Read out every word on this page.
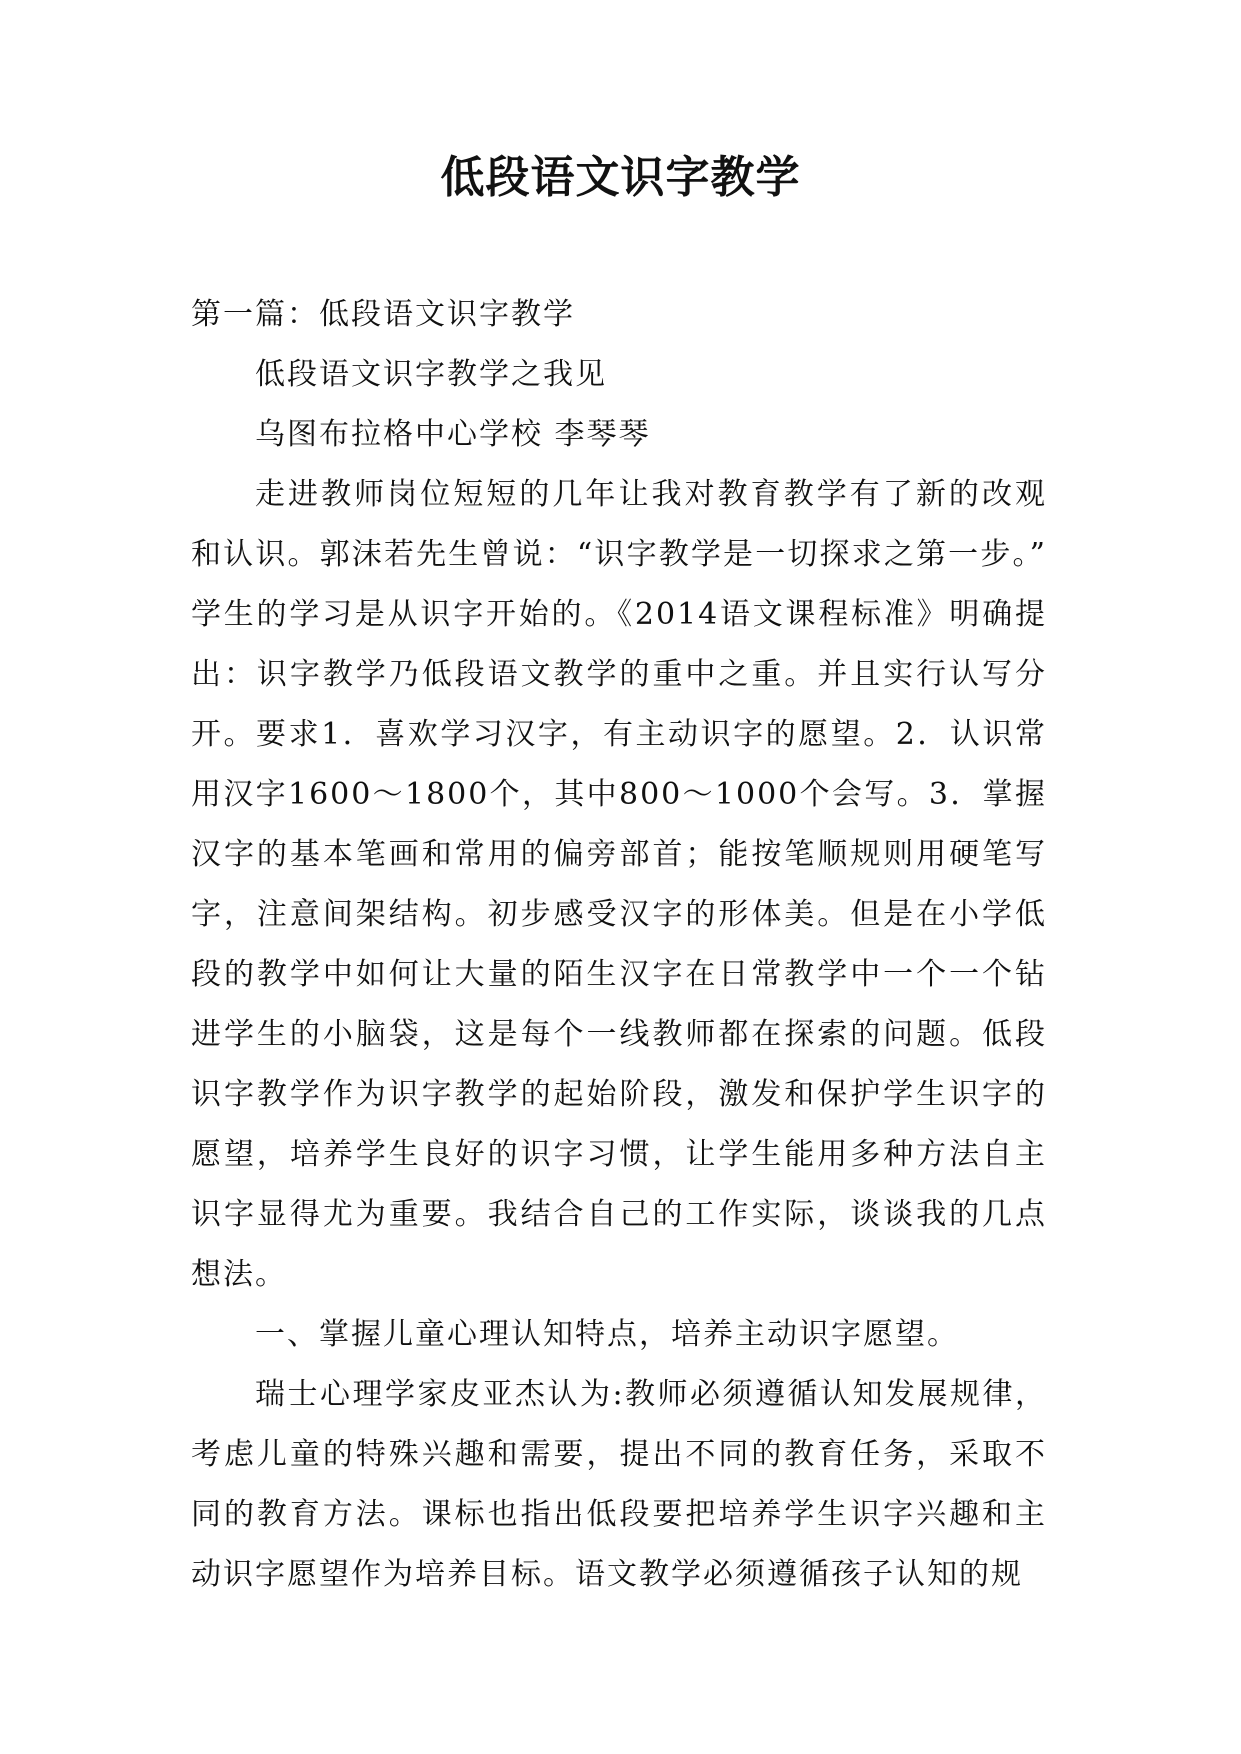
低段语文识字教学

第一篇：低段语文识字教学

低段语文识字教学之我见

乌图布拉格中心学校 李琴琴

走进教师岗位短短的几年让我对教育教学有了新的改观和认识。郭沫若先生曾说：“识字教学是一切探求之第一步。”学生的学习是从识字开始的。《2014语文课程标准》明确提出：识字教学乃低段语文教学的重中之重。并且实行认写分开。要求1．喜欢学习汉字，有主动识字的愿望。2．认识常用汉字1600～1800个，其中800～1000个会写。3．掌握汉字的基本笔画和常用的偏旁部首；能按笔顺规则用硬笔写字，注意间架结构。初步感受汉字的形体美。但是在小学低段的教学中如何让大量的陌生汉字在日常教学中一个一个钻进学生的小脑袋，这是每个一线教师都在探索的问题。低段识字教学作为识字教学的起始阶段，激发和保护学生识字的愿望，培养学生良好的识字习惯，让学生能用多种方法自主识字显得尤为重要。我结合自己的工作实际，谈谈我的几点想法。

一、掌握儿童心理认知特点，培养主动识字愿望。

瑞士心理学家皮亚杰认为:教师必须遵循认知发展规律，考虑儿童的特殊兴趣和需要，提出不同的教育任务，采取不同的教育方法。课标也指出低段要把培养学生识字兴趣和主动识字愿望作为培养目标。语文教学必须遵循孩子认知的规
